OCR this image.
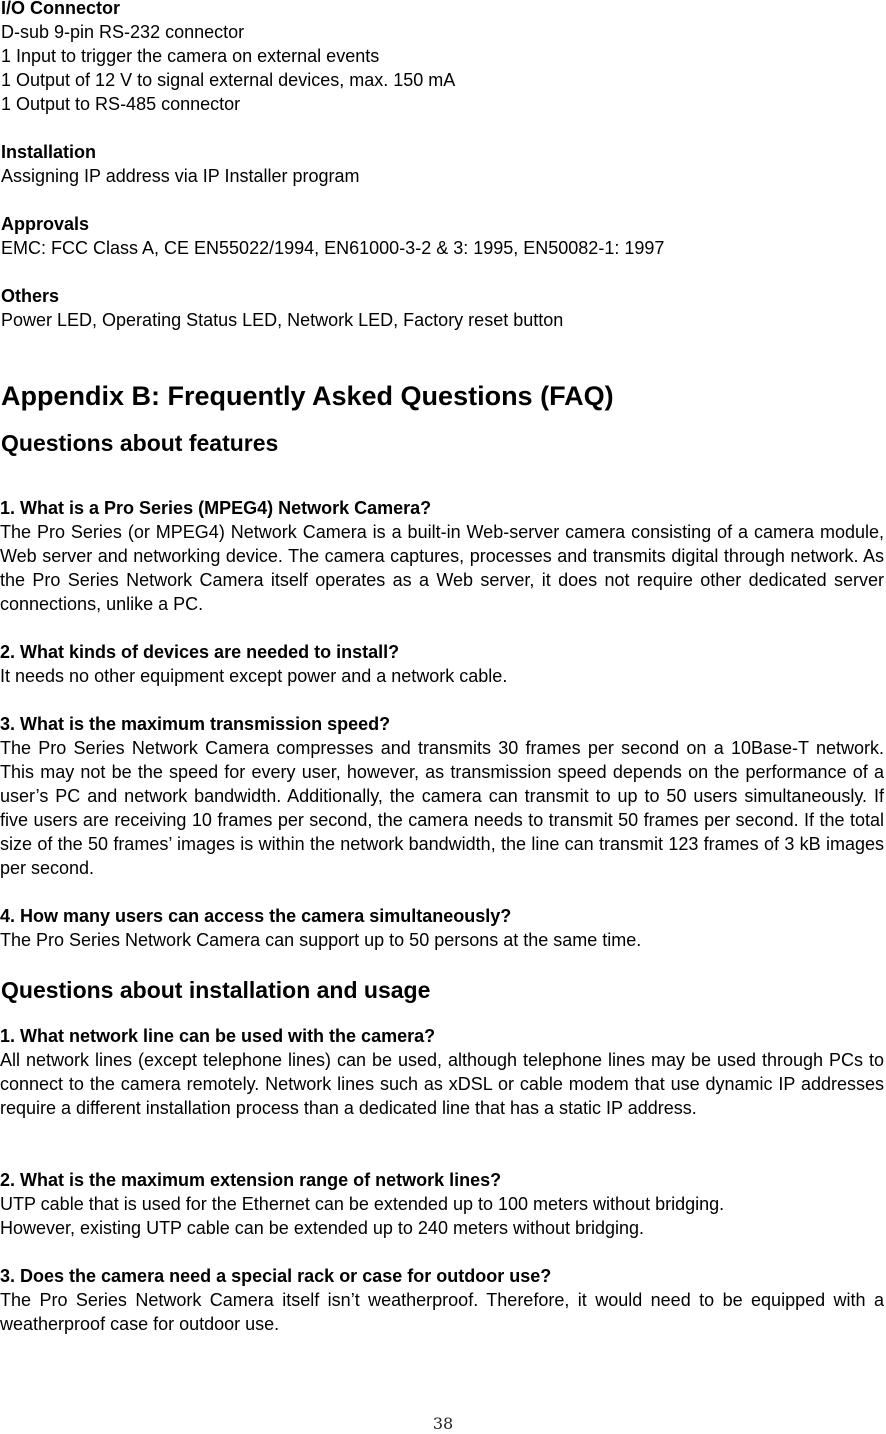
I/O Connector

D-sub 9-pin RS-232 connector

1 Input to trigger the camera on external events

1 Output of 12 V to signal external devices, max. 150 mA

1 Output to RS-485 connector

Installation

Assigning IP address via IP Installer program

Approvals

EMC: FCC Class A, CE EN55022/1994, EN61000-3-2 & 3: 1995, EN50082-1: 1997

Others

Power LED, Operating Status LED, Network LED, Factory reset button

Appendix B: Frequently Asked Questions (FAQ)
Questions about features

1. What is a Pro Series (MPEG4) Network Camera?

The Pro Series (or MPEG4) Network Camera is a built-in Web-server camera consisting of a camera module, Web server and networking device. The camera captures, processes and transmits digital through network. As the Pro Series Network Camera itself operates as a Web server, it does not require other dedicated server connections, unlike a PC.

2. What kinds of devices are needed to install?

It needs no other equipment except power and a network cable.

3. What is the maximum transmission speed?

The Pro Series Network Camera compresses and transmits 30 frames per second on a 10Base-T network. This may not be the speed for every user, however, as transmission speed depends on the performance of a user’s PC and network bandwidth. Additionally, the camera can transmit to up to 50 users simultaneously. If five users are receiving 10 frames per second, the camera needs to transmit 50 frames per second. If the total size of the 50 frames’ images is within the network bandwidth, the line can transmit 123 frames of 3 kB images per second.

4. How many users can access the camera simultaneously?

The Pro Series Network Camera can support up to 50 persons at the same time.

Questions about installation and usage

1. What network line can be used with the camera?

All network lines (except telephone lines) can be used, although telephone lines may be used through PCs to connect to the camera remotely. Network lines such as xDSL or cable modem that use dynamic IP addresses require a different installation process than a dedicated line that has a static IP address.

2. What is the maximum extension range of network lines?

UTP cable that is used for the Ethernet can be extended up to 100 meters without bridging.

However, existing UTP cable can be extended up to 240 meters without bridging.

3. Does the camera need a special rack or case for outdoor use?

The Pro Series Network Camera itself isn’t weatherproof. Therefore, it would need to be equipped with a weatherproof case for outdoor use.

38
